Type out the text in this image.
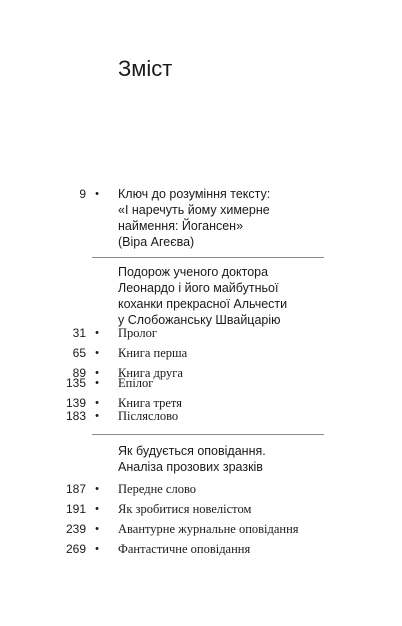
Зміст
9 • Ключ до розуміння тексту:
«І наречуть йому химерне
наймення: Йогансен»
(Віра Агеєва)
Подорож ученого доктора
Леонардо і його майбутньої
коханки прекрасної Альчести
у Слобожанську Швайцарію
31 • Пролог
65 • Книга перша
89 • Книга друга
135 • Епілог
139 • Книга третя
183 • Післяслово
Як будується оповідання.
Аналіза прозових зразків
187 • Передне слово
191 • Як зробитися новелістом
239 • Авантурне журнальне оповідання
269 • Фантастичне оповідання
